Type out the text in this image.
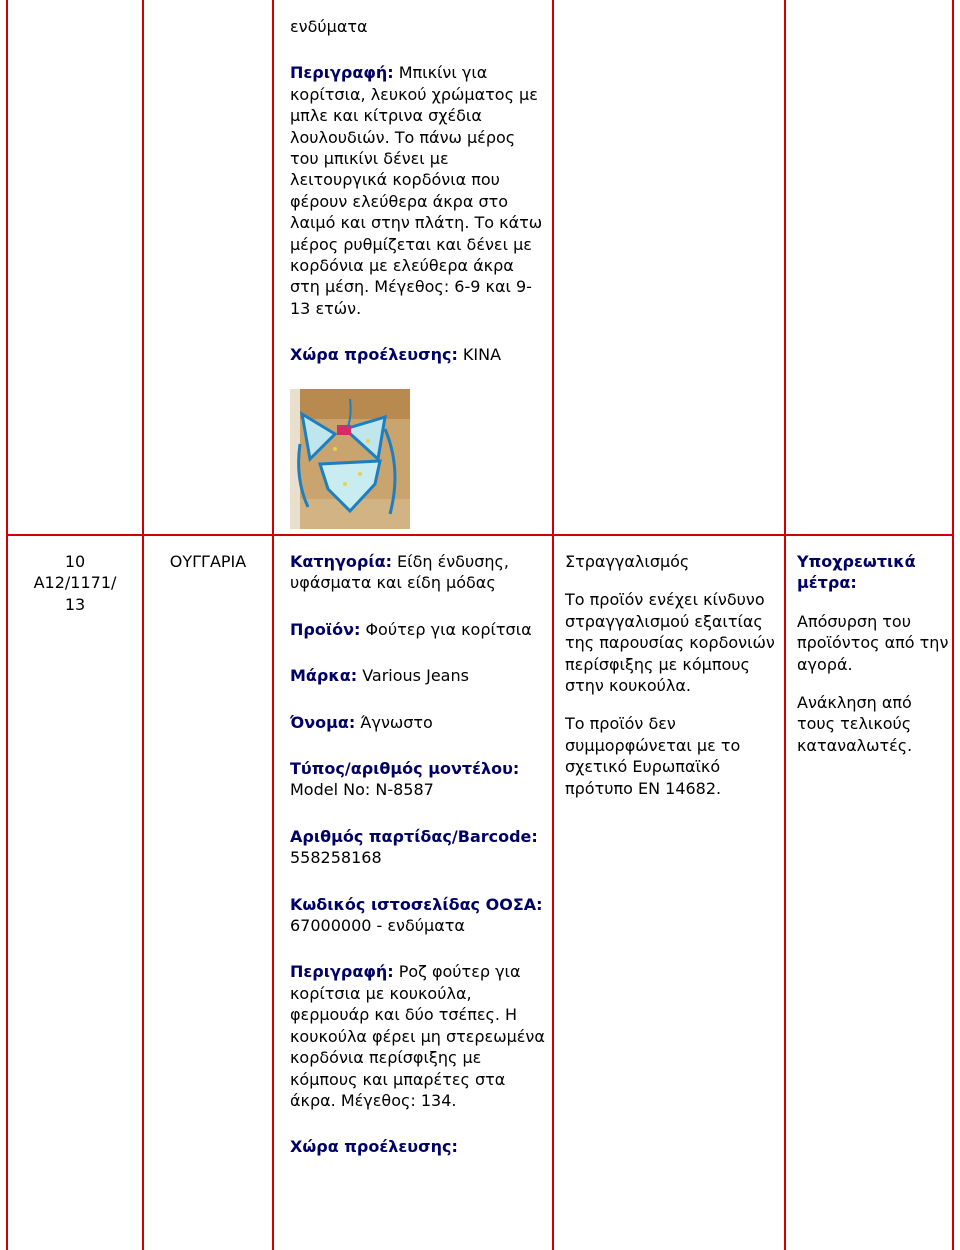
ενδύματα

Περιγραφή: Μπικίνι για κορίτσια, λευκού χρώματος με μπλε και κίτρινα σχέδια λουλουδιών. Το πάνω μέρος του μπικίνι δένει με λειτουργικά κορδόνια που φέρουν ελεύθερα άκρα στο λαιμό και στην πλάτη. Το κάτω μέρος ρυθμίζεται και δένει με κορδόνια με ελεύθερα άκρα στη μέση. Μέγεθος: 6-9 και 9-13 ετών.

Χώρα προέλευσης: ΚΙΝΑ

10
A12/1171/
13
ΟΥΓΓΑΡΙΑ	Κατηγορία: Είδη ένδυσης, υφάσματα και είδη μόδας

Προϊόν: Φούτερ για κορίτσια

Μάρκα: Various Jeans

Όνομα: Άγνωστο

Τύπος/αριθμός μοντέλου:
Model No: N-8587

Αριθμός παρτίδας/Barcode:
558258168

Κωδικός ιστοσελίδας ΟΟΣΑ: 67000000 - ενδύματα

Περιγραφή: Ροζ φούτερ για κορίτσια με κουκούλα, φερμουάρ και δύο τσέπες. Η κουκούλα φέρει μη στερεωμένα κορδόνια περίσφιξης με κόμπους και μπαρέτες στα άκρα. Μέγεθος: 134.

Χώρα προέλευσης:

Στραγγαλισμός

Το προϊόν ενέχει κίνδυνο στραγγαλισμού εξαιτίας της παρουσίας κορδονιών περίσφιξης με κόμπους στην κουκούλα.

Το προϊόν δεν συμμορφώνεται με το σχετικό Ευρωπαϊκό πρότυπο EN 14682.

Υποχρεωτικά μέτρα:

Απόσυρση του προϊόντος από την αγορά.

Ανάκληση από τους τελικούς καταναλωτές.
